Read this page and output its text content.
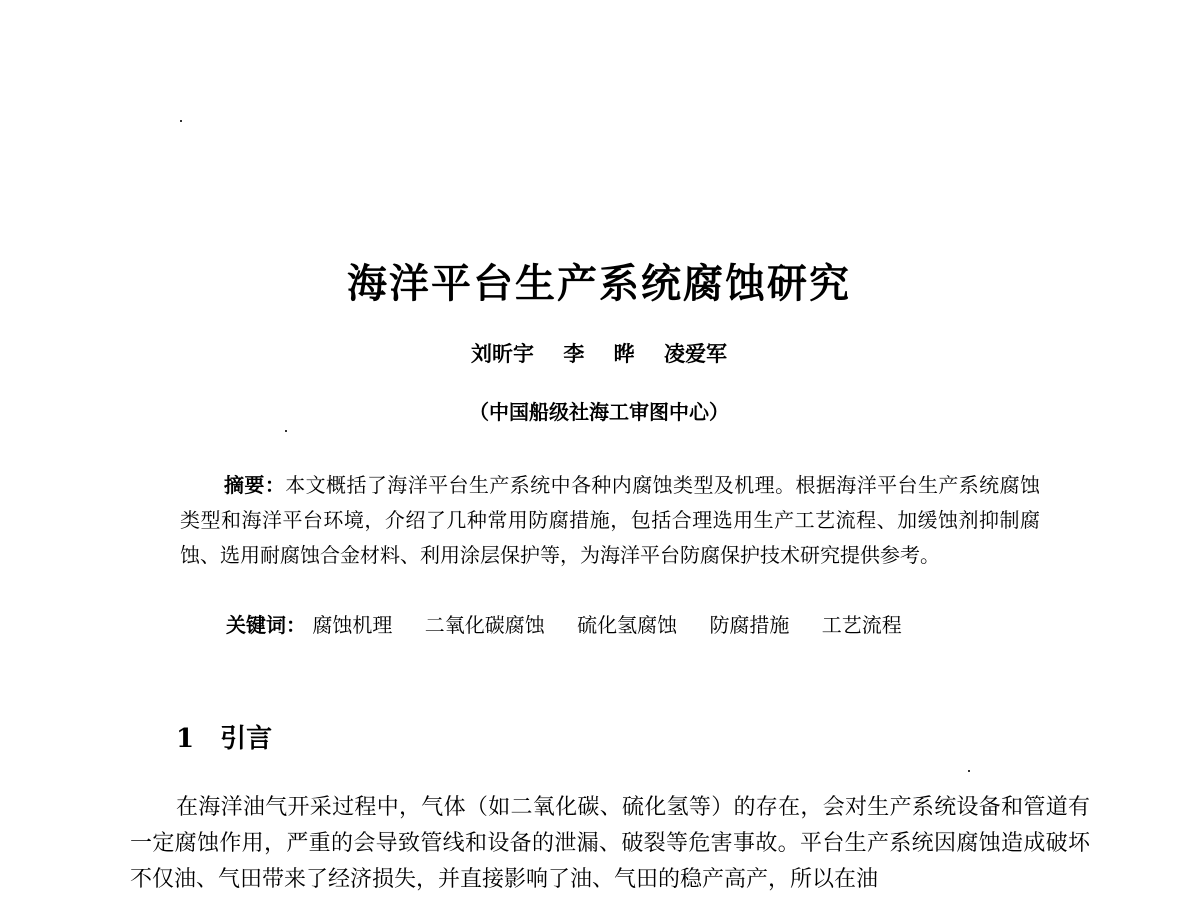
海洋平台生产系统腐蚀研究
刘昕宇 李 晔 凌爱军
（中国船级社海工审图中心）
摘要：本文概括了海洋平台生产系统中各种内腐蚀类型及机理。根据海洋平台生产系统腐蚀类型和海洋平台环境，介绍了几种常用防腐措施，包括合理选用生产工艺流程、加缓蚀剂抑制腐蚀、选用耐腐蚀合金材料、利用涂层保护等，为海洋平台防腐保护技术研究提供参考。
关键词： 腐蚀机理 二氧化碳腐蚀 硫化氢腐蚀 防腐措施 工艺流程
1 引言
在海洋油气开采过程中，气体（如二氧化碳、硫化氢等）的存在，会对生产系统设备和管道有一定腐蚀作用，严重的会导致管线和设备的泄漏、破裂等危害事故。平台生产系统因腐蚀造成破坏不仅油、气田带来了经济损失，并直接影响了油、气田的稳产高产，所以在油
